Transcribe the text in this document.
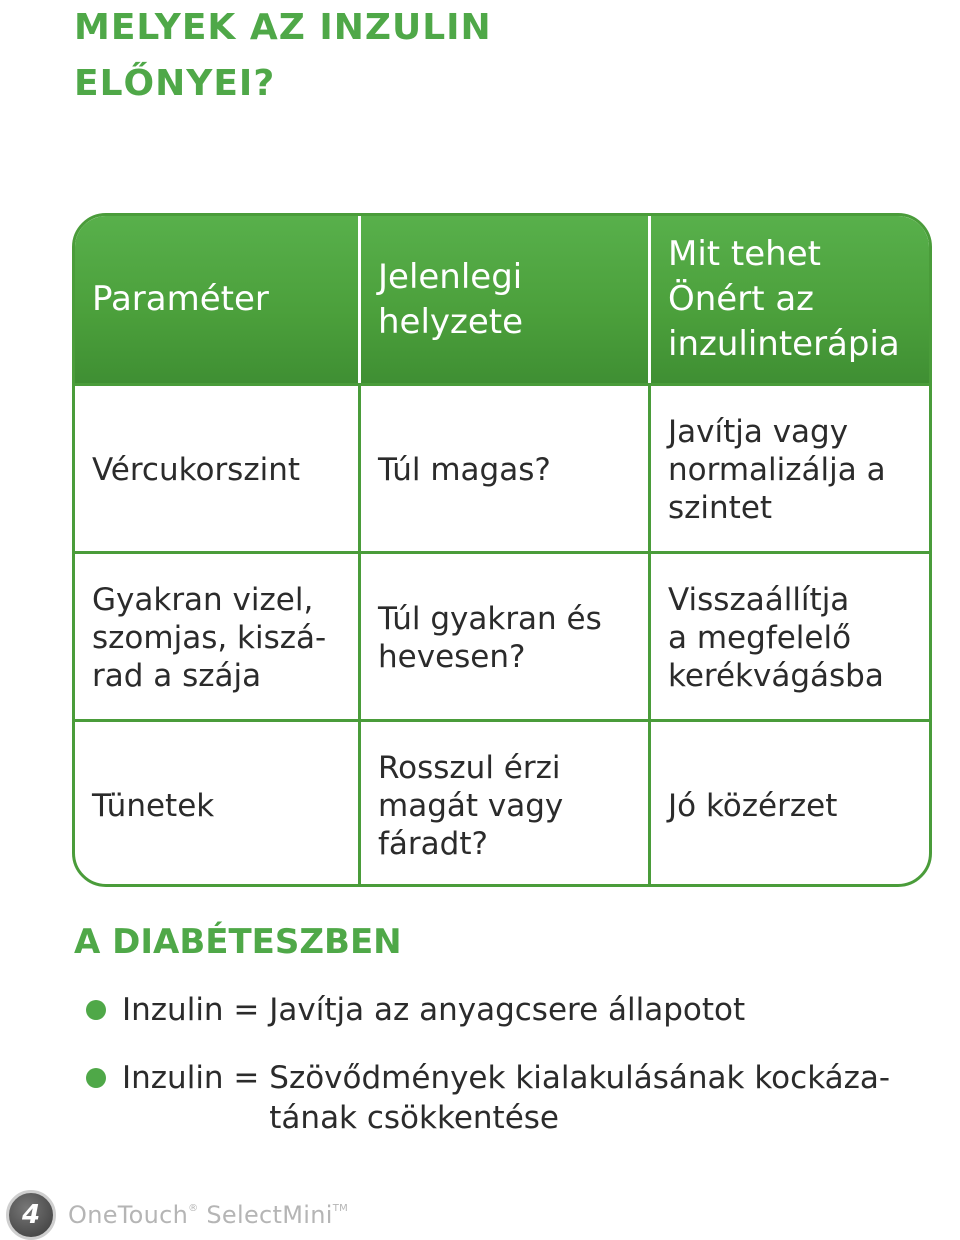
MELYEK AZ INZULIN
ELŐNYEI?
Paraméter
Jelenlegi
helyzete
Mit tehet
Önért az
inzulinterápia
Vércukorszint	Túl magas?
Javítja vagy
normalizálja a
szintet
Gyakran vizel,
szomjas, kiszá-
rad a szája
Túl gyakran és
hevesen?
Visszaállítja
a megfelelő
kerékvágásba
Tünetek
Rosszul érzi
magát vagy
fáradt?
Jó közérzet
A DIABÉTESZBEN
Inzulin = Javítja az anyagcsere állapotot
Inzulin = Szövődmények kialakulásának kockáza-
tának csökkentése
4	OneTouch® SelectMini™
